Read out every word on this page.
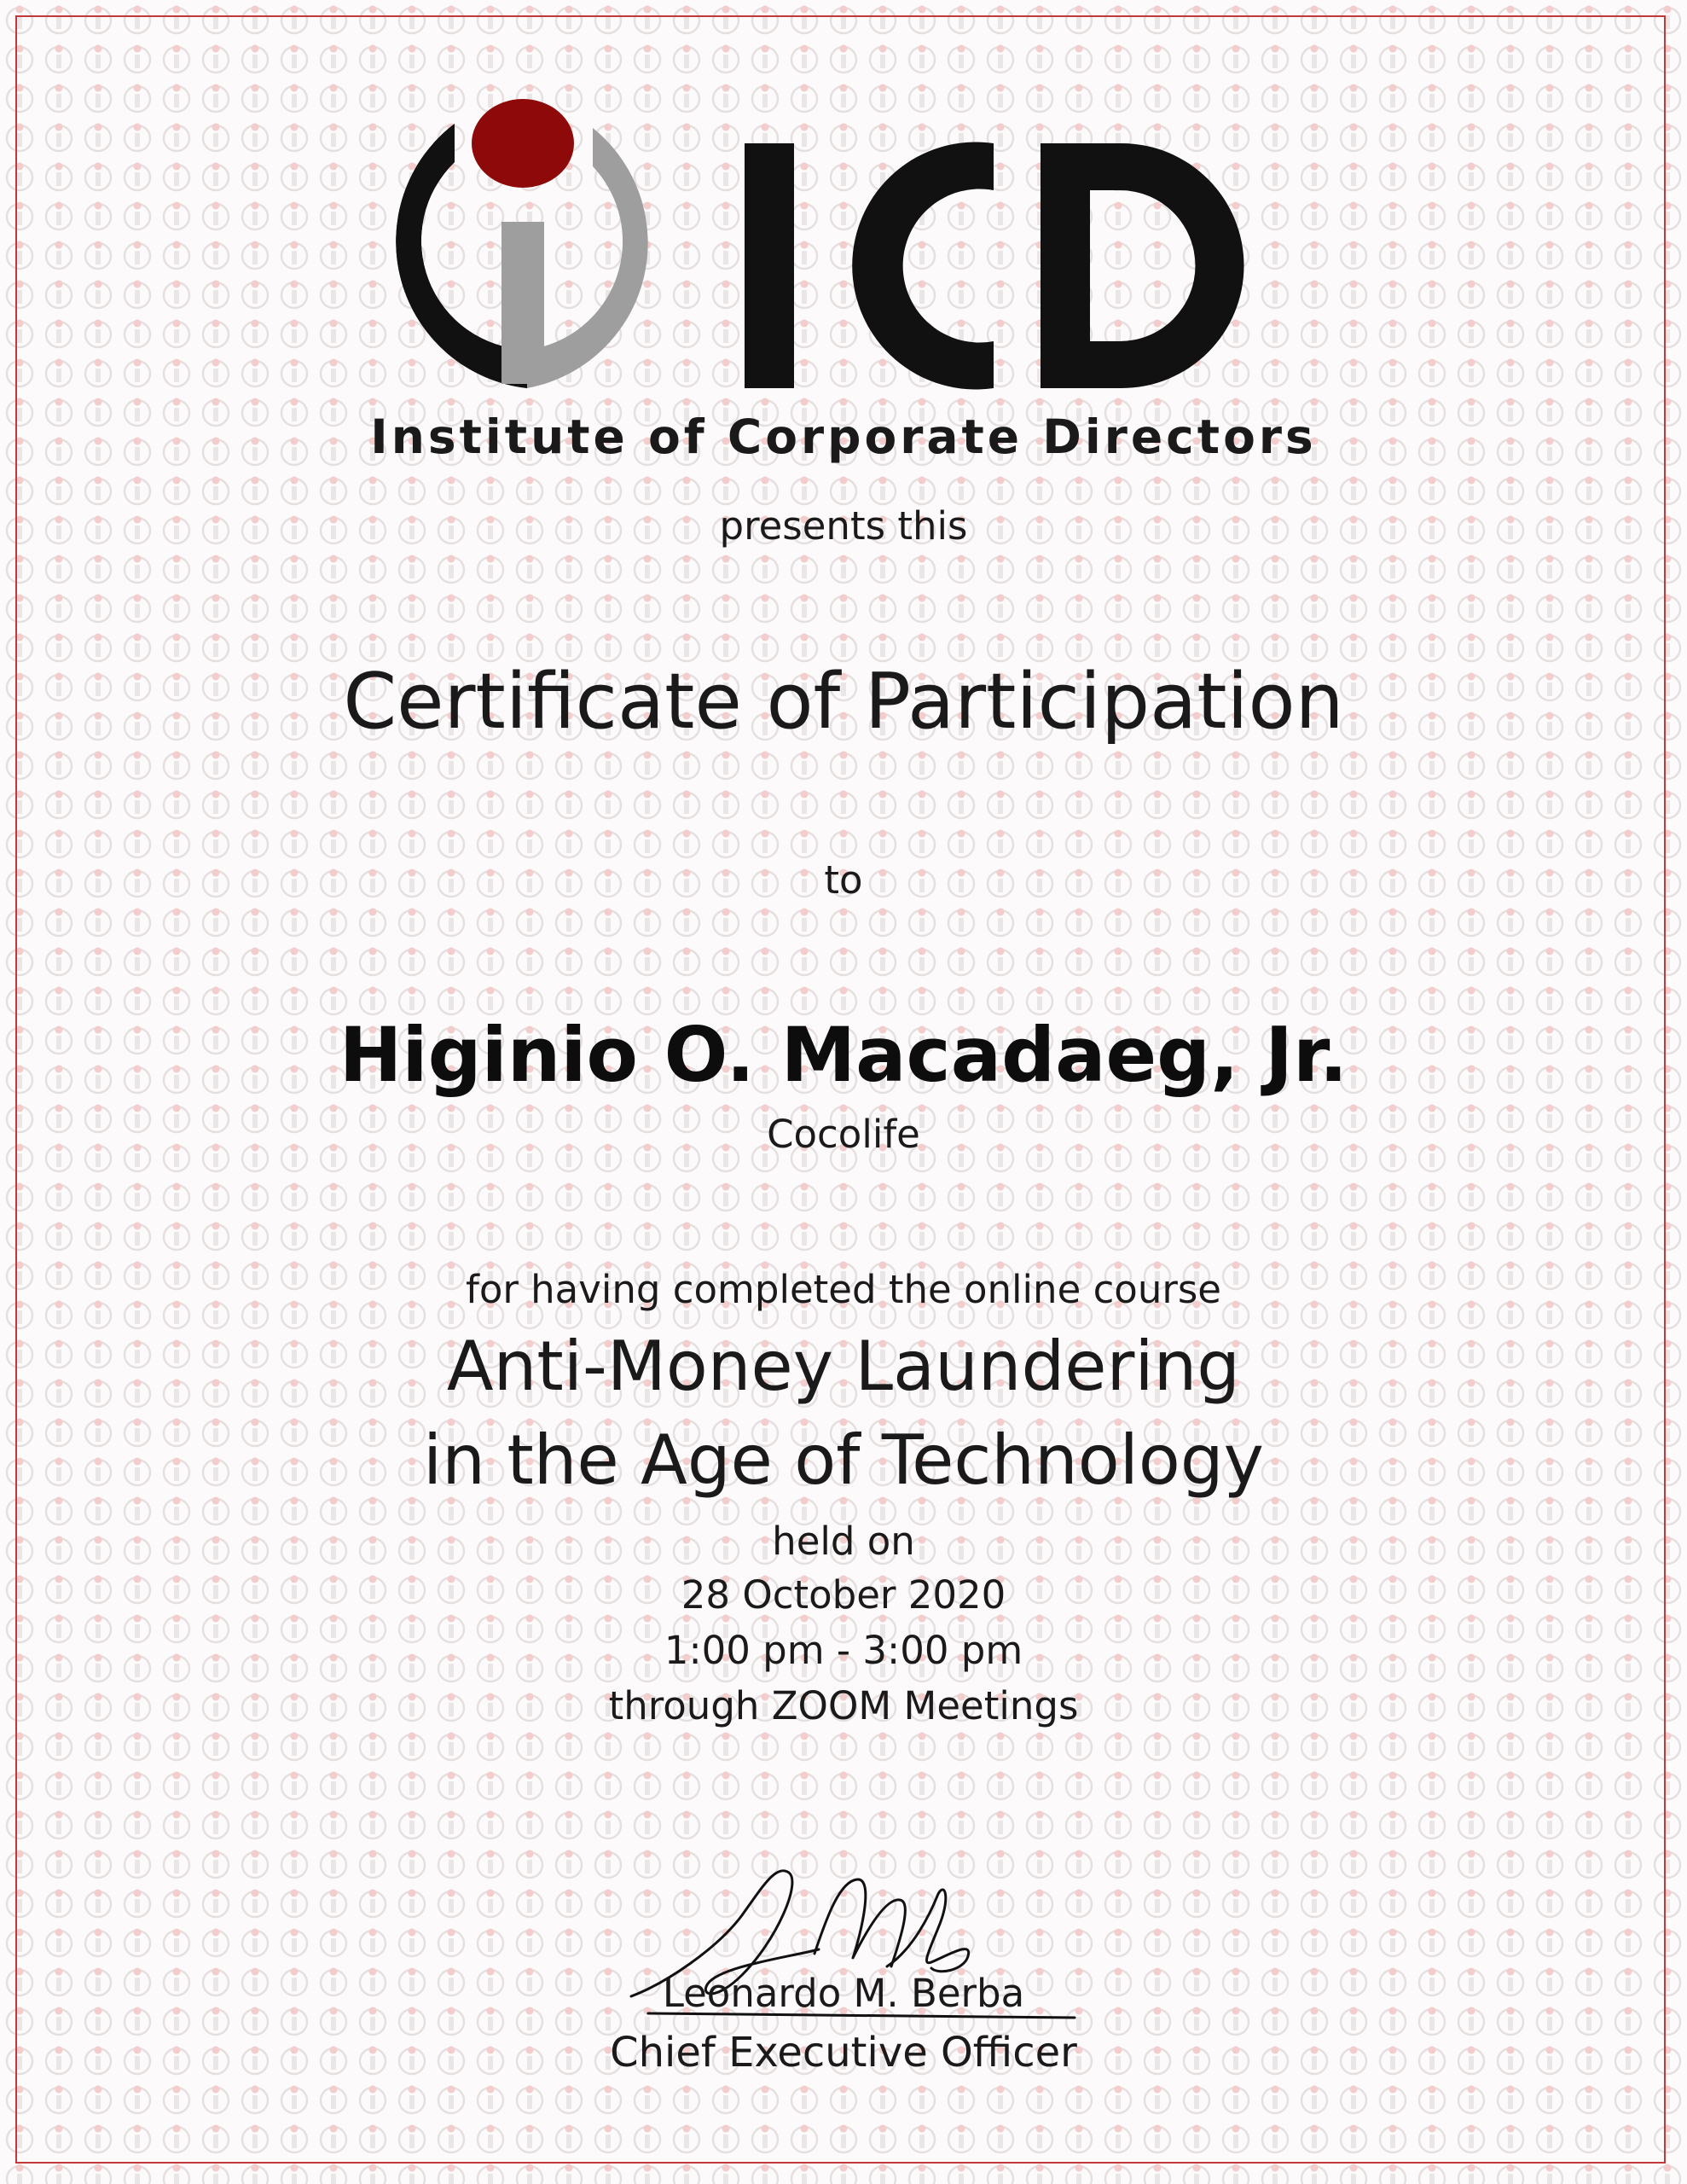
Institute of Corporate Directors
presents this
Certificate of Participation
to
Higinio O. Macadaeg, Jr.
Cocolife
for having completed the online course
Anti-Money Laundering
in the Age of Technology
held on
28 October 2020
1:00 pm - 3:00 pm
through ZOOM Meetings
Leonardo M. Berba
Chief Executive Officer
